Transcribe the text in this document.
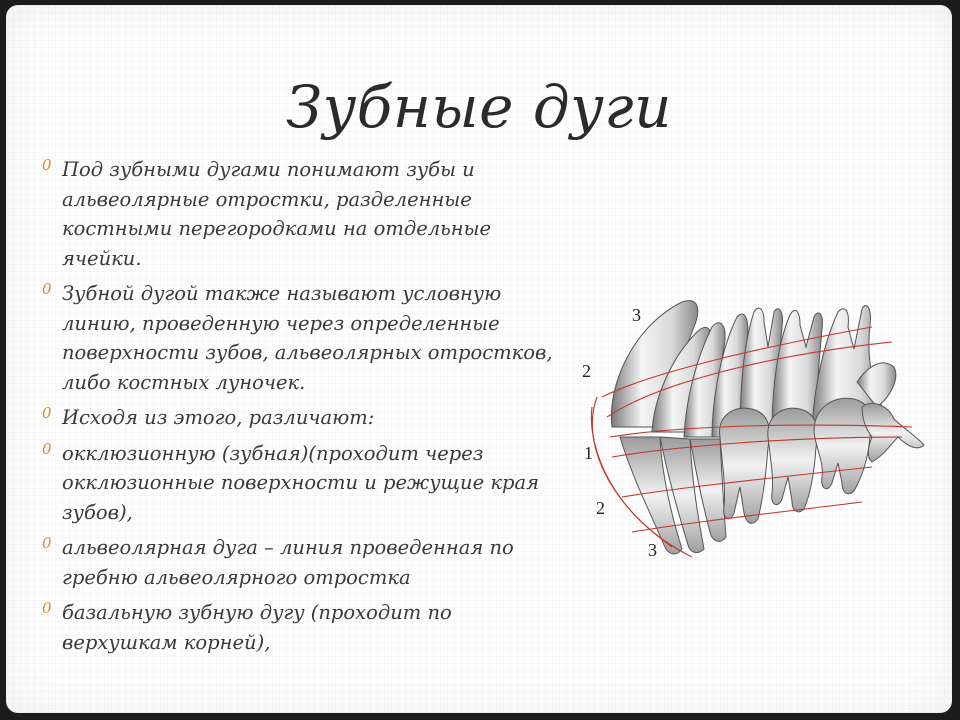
Зубные дуги
0 Под зубными дугами понимают зубы и альвеолярные отростки, разделенные костными перегородками на отдельные ячейки.
0 Зубной дугой также называют условную линию, проведенную через определенные поверхности зубов, альвеолярных отростков, либо костных луночек.
0 Исходя из этого, различают:
0 окклюзионную (зубная)(проходит через окклюзионные поверхности и режущие края зубов),
0 альвеолярная дуга – линия проведенная по гребню альвеолярного отростка
0 базальную зубную дугу (проходит по верхушкам корней),
3
2
1
2
3
